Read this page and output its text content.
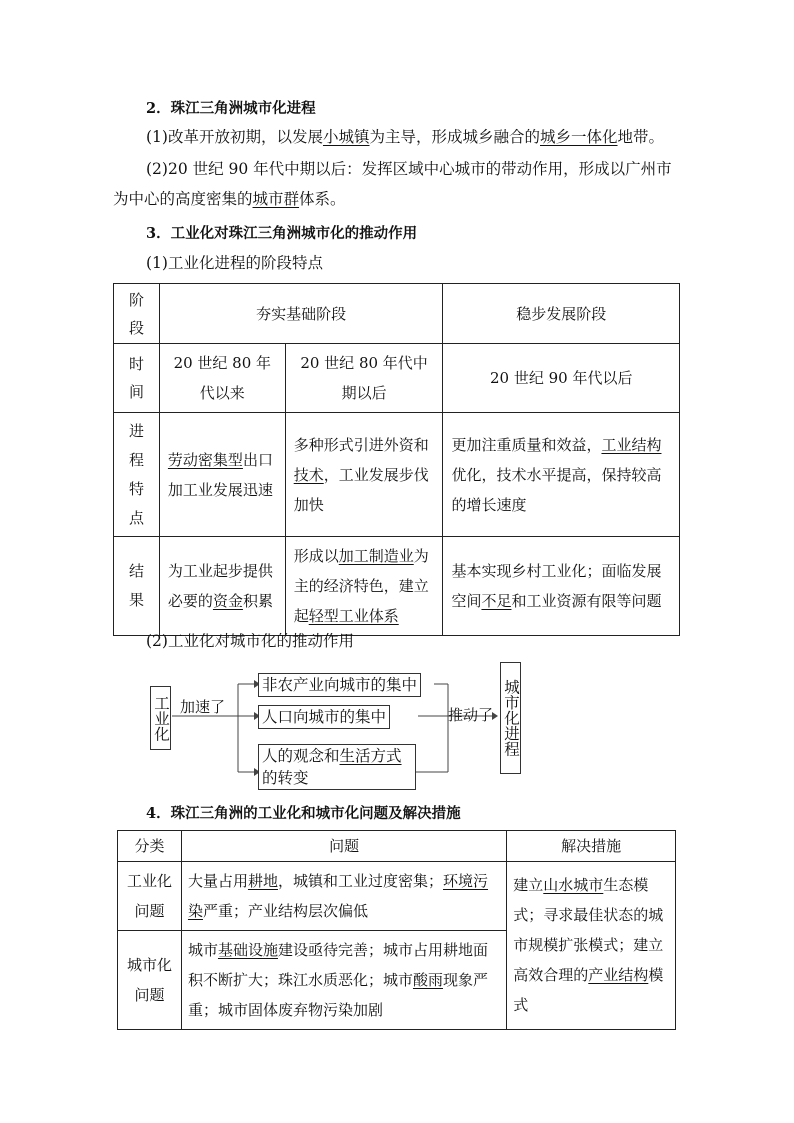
2．珠江三角洲城市化进程
(1)改革开放初期，以发展小城镇为主导，形成城乡融合的城乡一体化地带。
(2)20 世纪 90 年代中期以后：发挥区域中心城市的带动作用，形成以广州市
为中心的高度密集的城市群体系。
3．工业化对珠江三角洲城市化的推动作用
(1)工业化进程的阶段特点
阶段	夯实基础阶段		稳步发展阶段

时间	20 世纪 80 年代以来	20 世纪 80 年代中期以后	20 世纪 90 年代以后

进程特点	劳动密集型出口加工业发展迅速	多种形式引进外资和技术，工业发展步伐加快	更加注重质量和效益，工业结构优化，技术水平提高，保持较高的增长速度

结果	为工业起步提供必要的资金积累	形成以加工制造业为主的经济特色，建立起轻型工业体系	基本实现乡村工业化；面临发展空间不足和工业资源有限等问题
(2)工业化对城市化的推动作用
工业化 加速了
非农产业向城市的集中
人口向城市的集中
人的观念和生活方式的转变
推动了 城市化进程
4．珠江三角洲的工业化和城市化问题及解决措施
分类	问题	解决措施

工业化问题	大量占用耕地，城镇和工业过度密集；环境污染严重；产业结构层次偏低	建立山水城市生态模式；寻求最佳状态的城市规模扩张模式；建立高效合理的产业结构模式

城市化问题	城市基础设施建设亟待完善；城市占用耕地面积不断扩大；珠江水质恶化；城市酸雨现象严重；城市固体废弃物污染加剧	
